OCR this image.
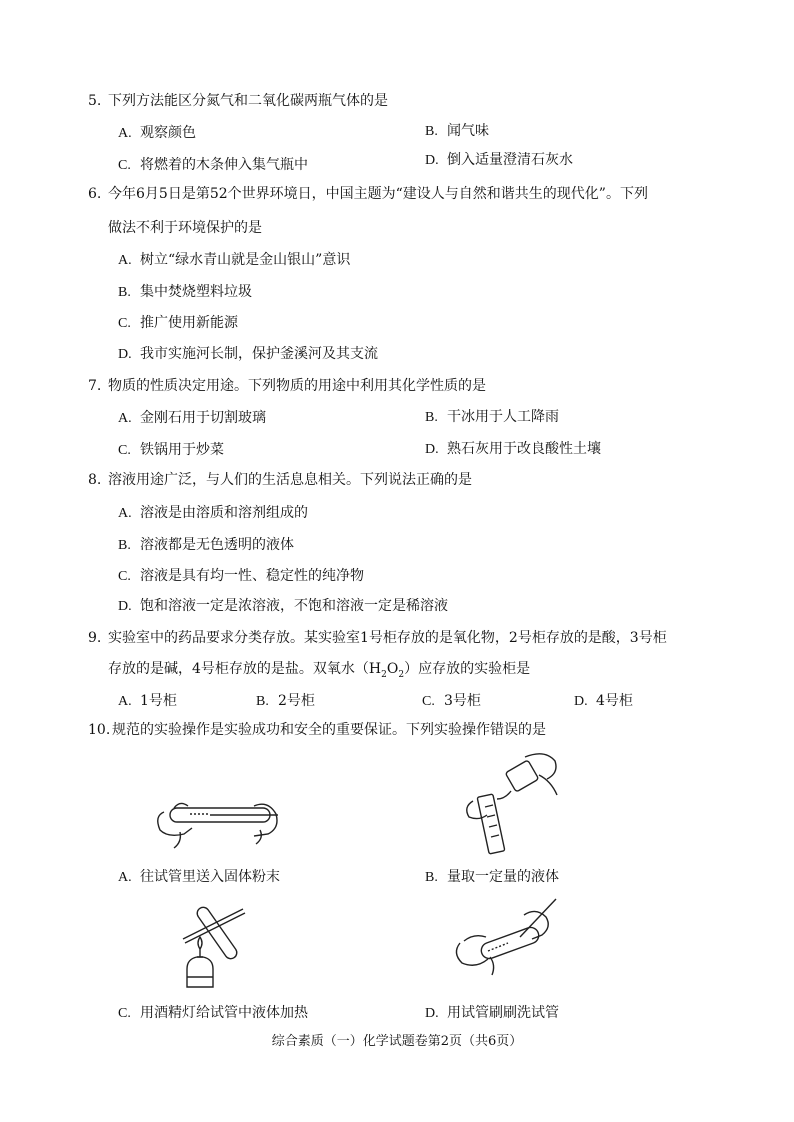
5. 下列方法能区分氮气和二氧化碳两瓶气体的是
A. 观察颜色	B. 闻气味
C. 将燃着的木条伸入集气瓶中	D. 倒入适量澄清石灰水
6. 今年6月5日是第52个世界环境日，中国主题为“建设人与自然和谐共生的现代化”。下列
做法不利于环境保护的是
A. 树立“绿水青山就是金山银山”意识
B. 集中焚烧塑料垃圾
C. 推广使用新能源
D. 我市实施河长制，保护釜溪河及其支流
7. 物质的性质决定用途。下列物质的用途中利用其化学性质的是
A. 金刚石用于切割玻璃	B. 干冰用于人工降雨
C. 铁锅用于炒菜	D. 熟石灰用于改良酸性土壤
8. 溶液用途广泛，与人们的生活息息相关。下列说法正确的是
A. 溶液是由溶质和溶剂组成的
B. 溶液都是无色透明的液体
C. 溶液是具有均一性、稳定性的纯净物
D. 饱和溶液一定是浓溶液，不饱和溶液一定是稀溶液
9. 实验室中的药品要求分类存放。某实验室1号柜存放的是氧化物，2号柜存放的是酸，3号柜
存放的是碱，4号柜存放的是盐。双氧水$(H_2O_2)$应存放的实验柜是
A. 1号柜	B. 2号柜	C. 3号柜	D. 4号柜
10. 规范的实验操作是实验成功和安全的重要保证。下列实验操作错误的是
A. 往试管里送入固体粉末	B. 量取一定量的液体
C. 用酒精灯给试管中液体加热	D. 用试管刷刷洗试管
综合素质（一）化学试题卷第2页（共6页）
